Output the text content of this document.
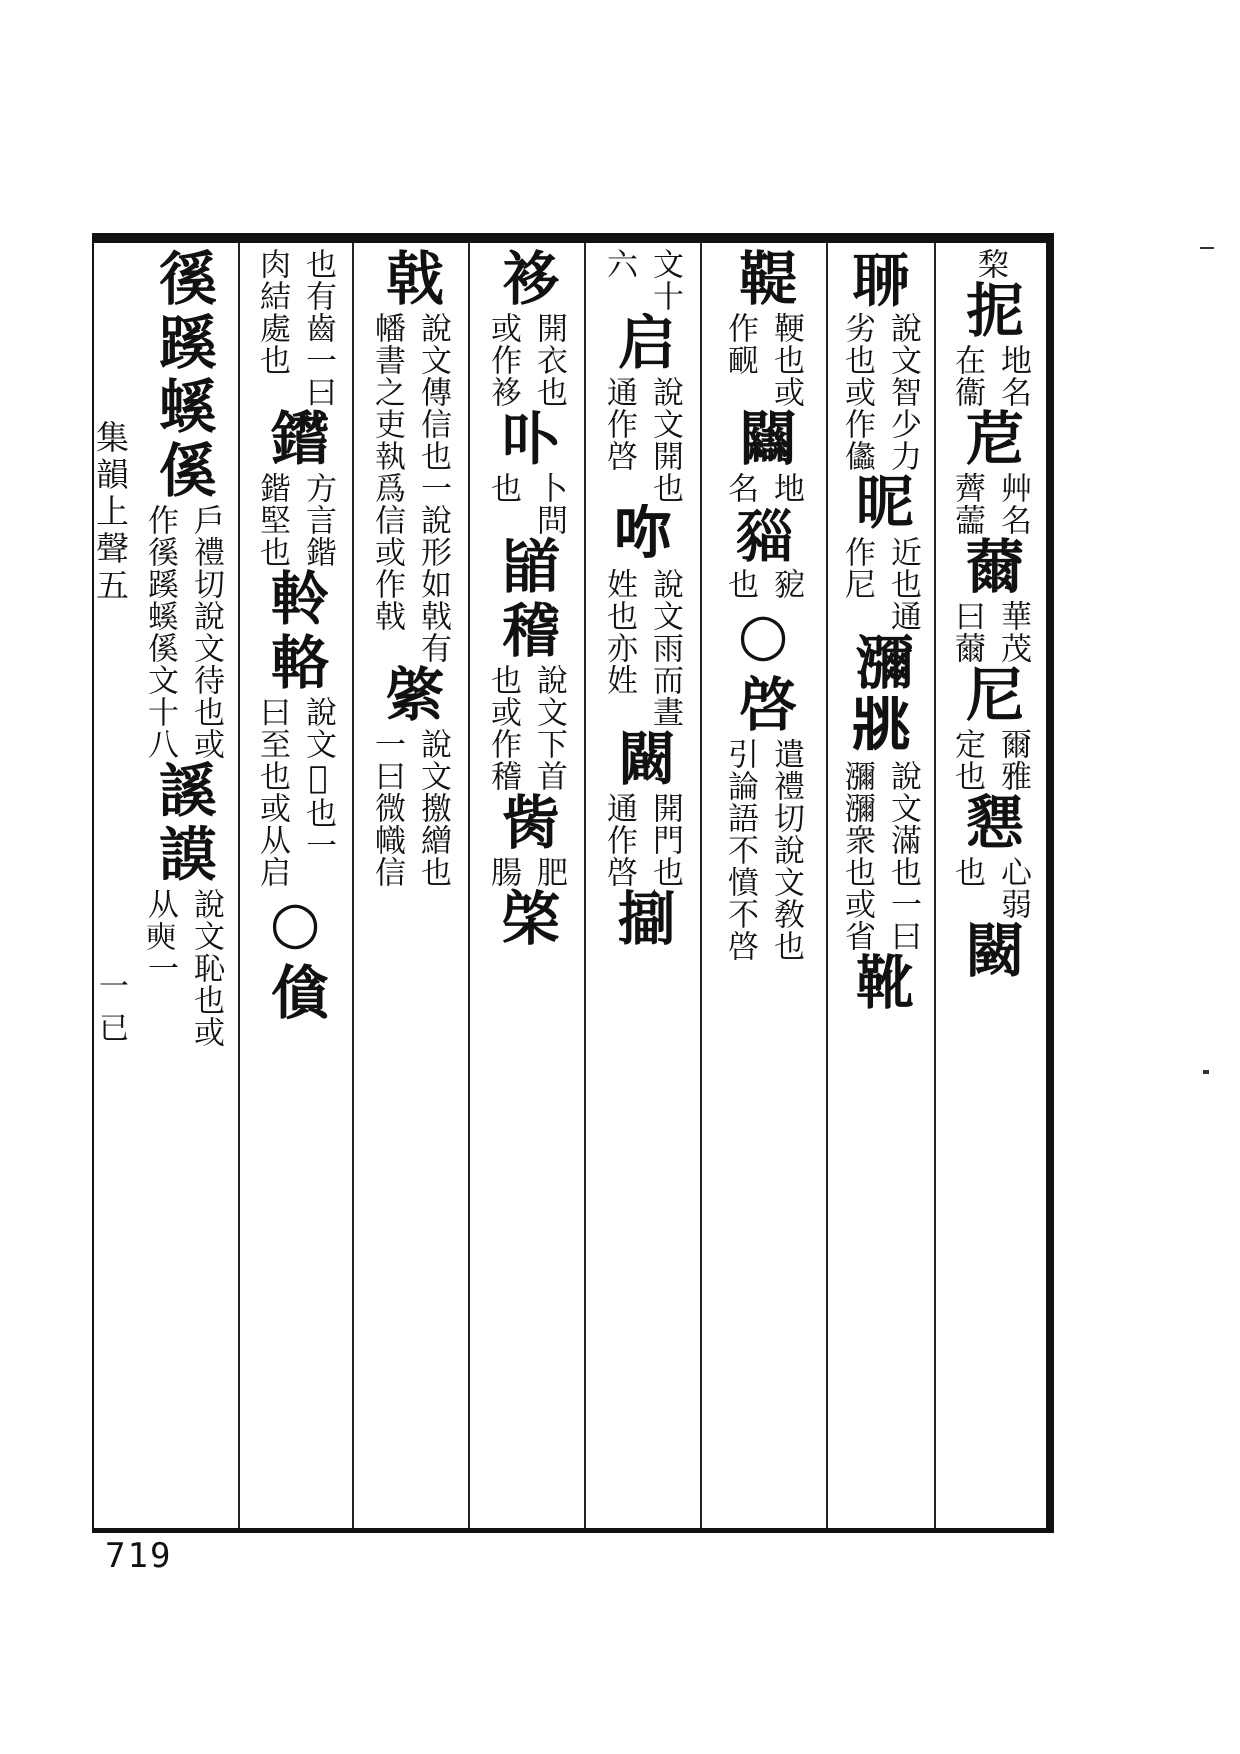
集韻上聲五
一已
棃
抳
地名
在衞
苨
艸名
薺蘦
薾
華茂
曰薾
尼
爾雅
定也
㦟
心弱
也
䦯
𦕼
說文智少力
劣也或作㒩
昵
近也通
作尼
瀰
𤕷
說文滿也一曰
瀰瀰衆也或省
靴
鞮
鞕也或
作䩄
𨷻
地
名
𧱥
豟
也
○啓
遣禮切說文敎也
引論語不憤不啓
文十
六
启
說文開也
通作啓
𠰚
說文雨而晝
姓也亦姓
闙
開門也
通作啓
㨽
袳
開衣也
或作袳
卟
卜問
也
䭫
稽
說文下首
也或作稽
胔
肥
腸
棨
戟
說文傳信也一說形如戟有
幡書之吏執爲信或作戟
綮
說文撽繒也
一曰微幟信
也有齒一曰
肉結處也
鑙
方言鍇
鍇堅也
軨
輅
說文𡪇也一
曰至也或从启
○僋
徯
蹊
螇
傒
戶禮切說文待也或
作徯蹊螇傒文十八
謑
謨
說文恥也或
从𥇛一
719
